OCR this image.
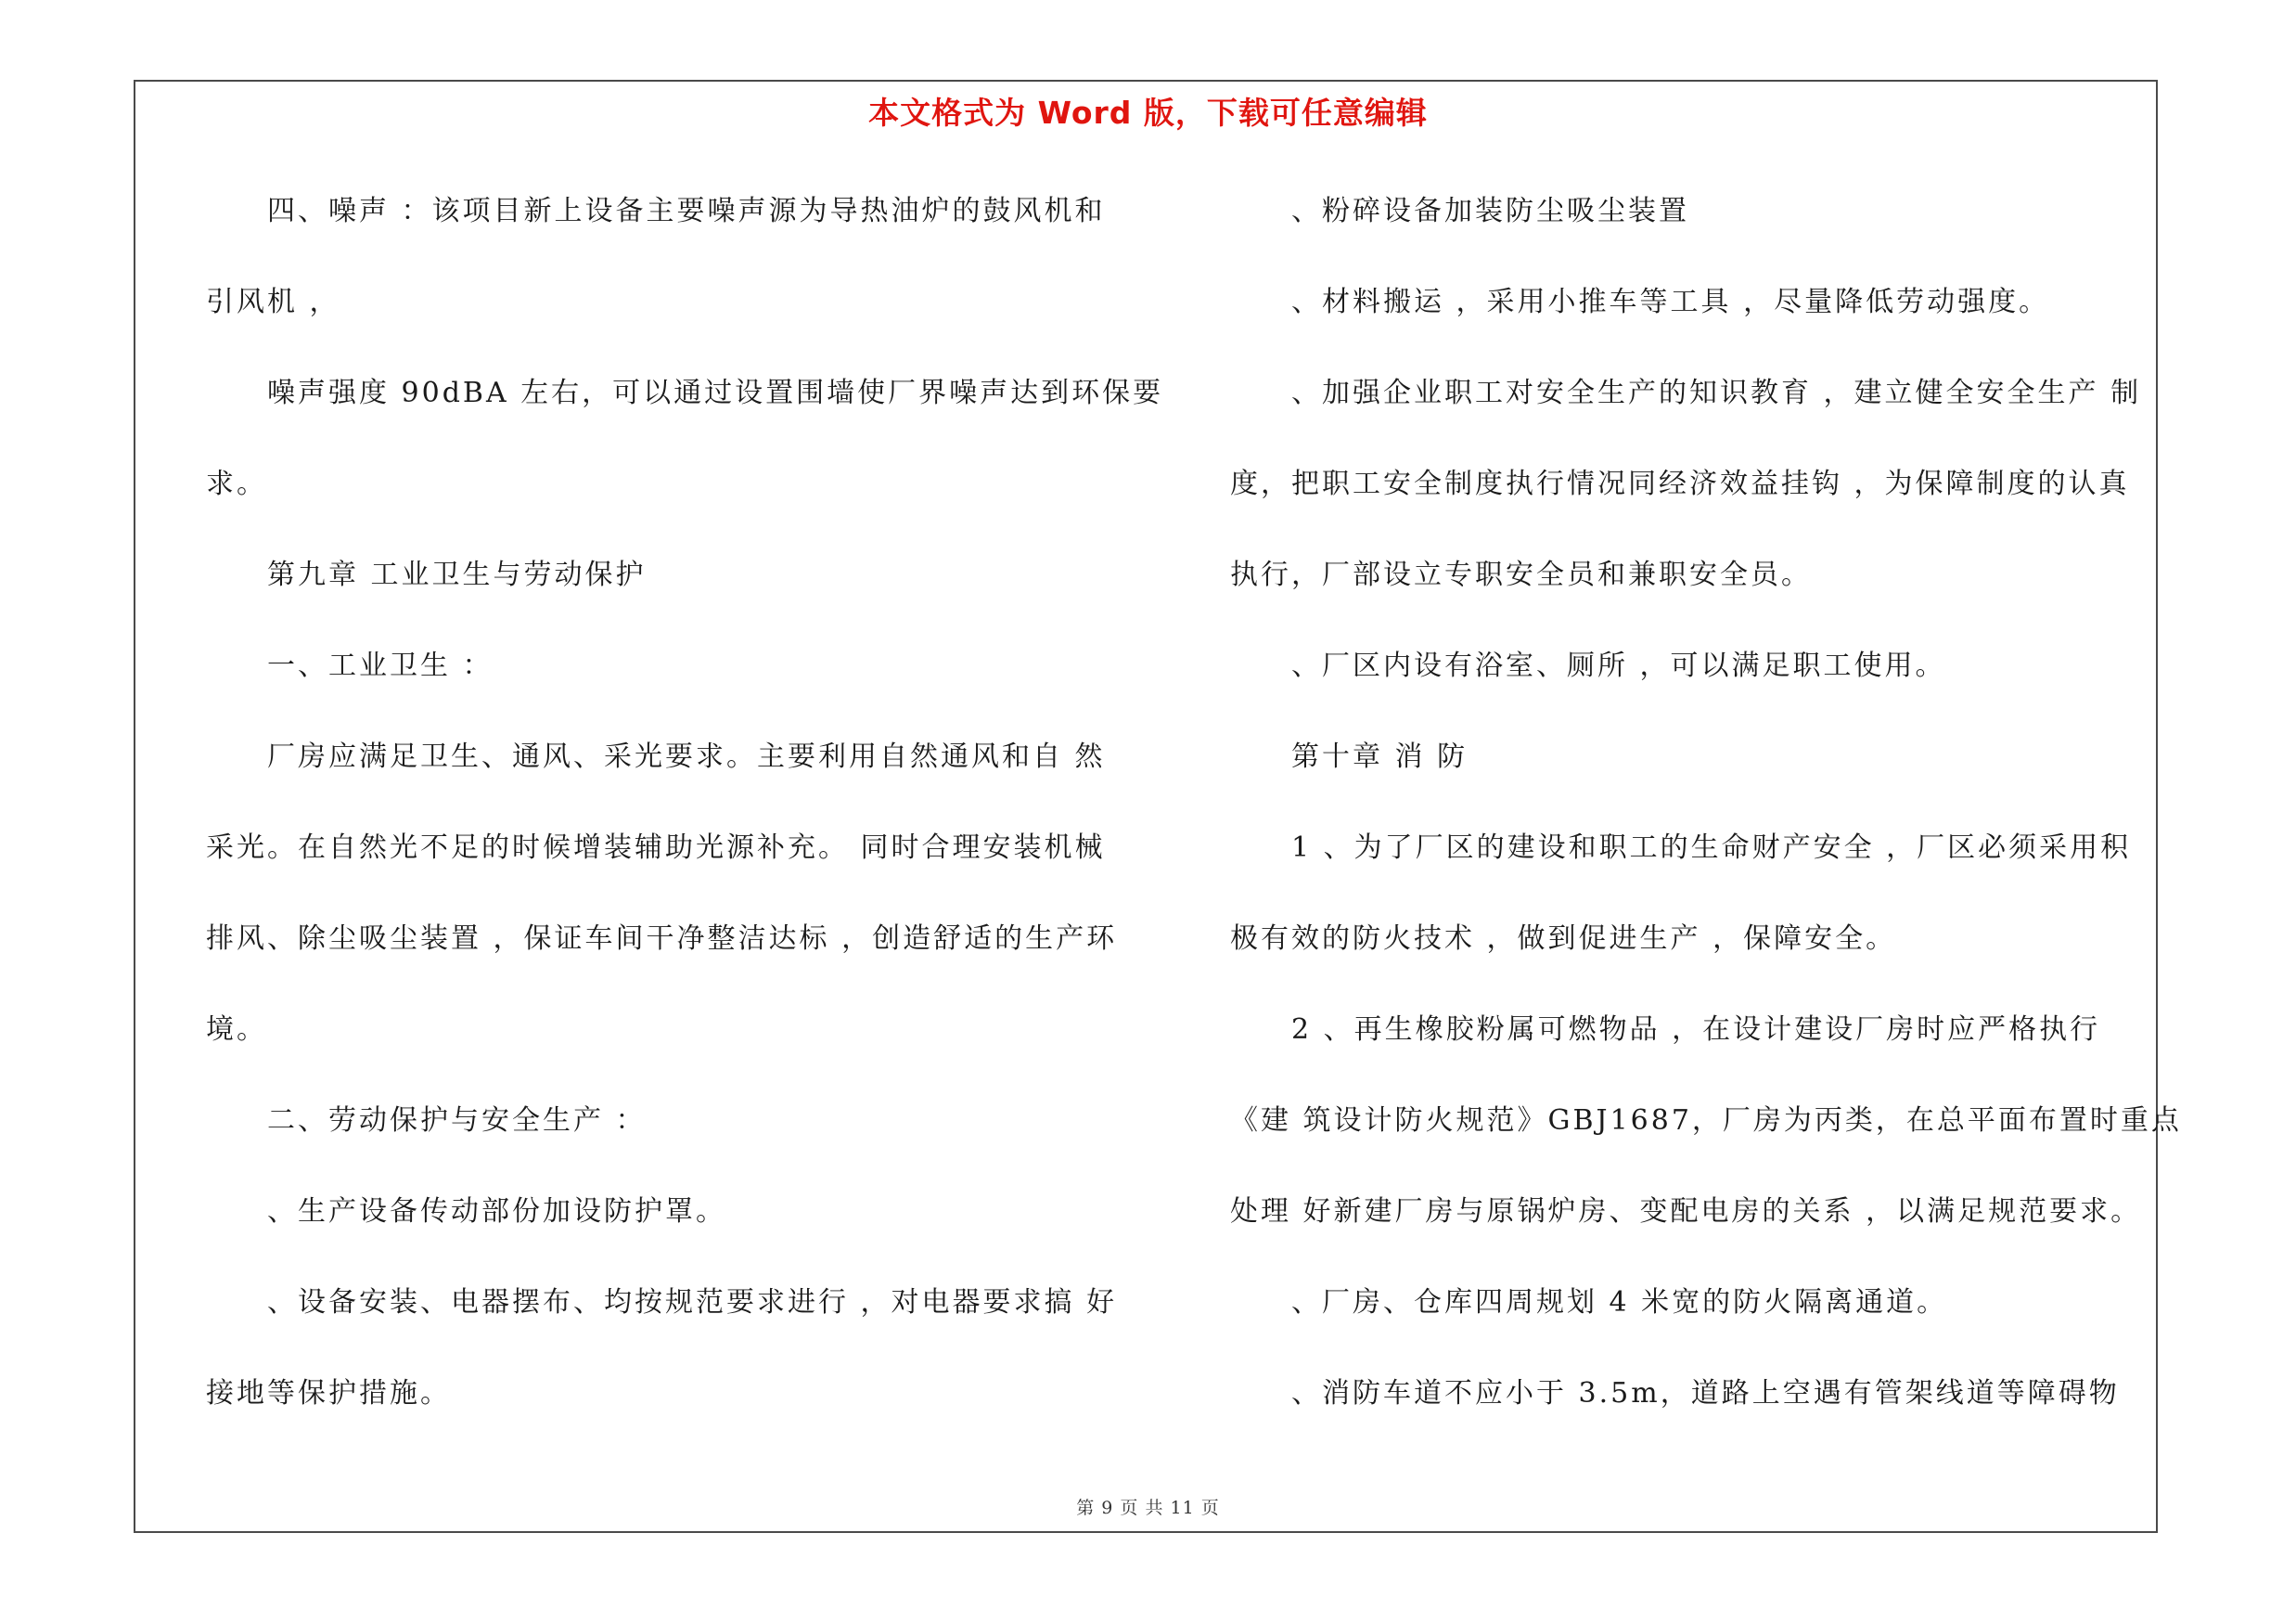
本文格式为 Word 版，下载可任意编辑
四、噪声 ：该项目新上设备主要噪声源为导热油炉的鼓风机和
引风机 ，
噪声强度 90dBA 左右，可以通过设置围墙使厂界噪声达到环保要
求。
第九章 工业卫生与劳动保护
一、工业卫生 ：
厂房应满足卫生、通风、采光要求。主要利用自然通风和自 然
采光。在自然光不足的时候增装辅助光源补充。 同时合理安装机械
排风、除尘吸尘装置 ，保证车间干净整洁达标 ，创造舒适的生产环
境。
二、劳动保护与安全生产 ：
、生产设备传动部份加设防护罩。
、设备安装、电器摆布、均按规范要求进行 ，对电器要求搞 好
接地等保护措施。
、粉碎设备加装防尘吸尘装置
、材料搬运 ，采用小推车等工具 ，尽量降低劳动强度。
、加强企业职工对安全生产的知识教育 ，建立健全安全生产 制
度，把职工安全制度执行情况同经济效益挂钩 ，为保障制度的认真
执行，厂部设立专职安全员和兼职安全员。
、厂区内设有浴室、厕所 ，可以满足职工使用。
第十章 消 防
1 、为了厂区的建设和职工的生命财产安全 ，厂区必须采用积
极有效的防火技术 ，做到促进生产 ，保障安全。
2 、再生橡胶粉属可燃物品 ，在设计建设厂房时应严格执行
《建 筑设计防火规范》GBJ1687，厂房为丙类，在总平面布置时重点
处理 好新建厂房与原锅炉房、变配电房的关系 ，以满足规范要求。
、厂房、仓库四周规划 4 米宽的防火隔离通道。
、消防车道不应小于 3.5m，道路上空遇有管架线道等障碍物
第 9 页 共 11 页
